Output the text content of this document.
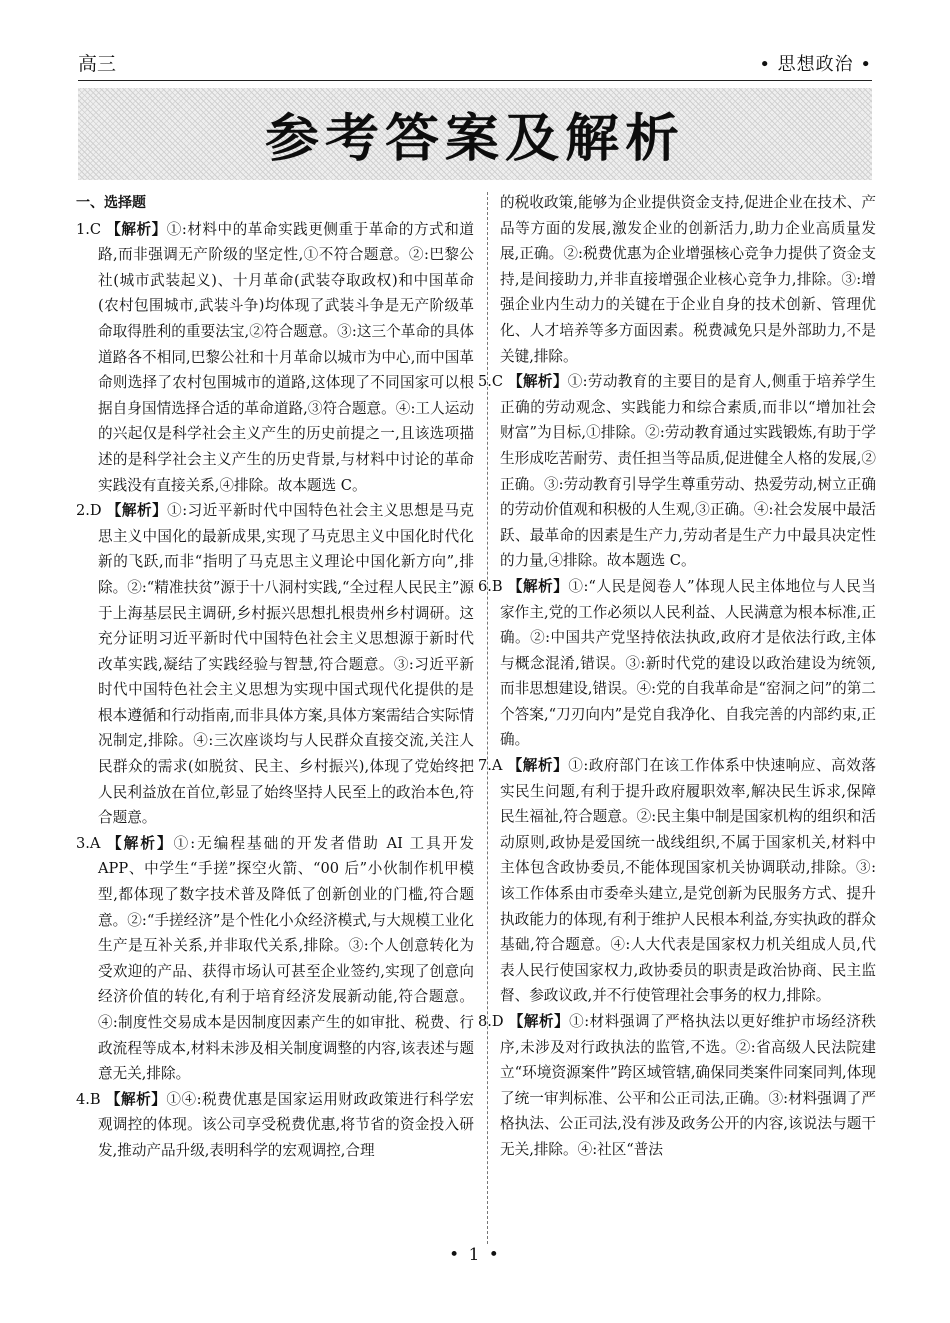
高三	• 思想政治 •
参考答案及解析
一、选择题

1.C 【解析】①:材料中的革命实践更侧重于革命的方式和道路,而非强调无产阶级的坚定性,①不符合题意。②:巴黎公社(城市武装起义)、十月革命(武装夺取政权)和中国革命(农村包围城市,武装斗争)均体现了武装斗争是无产阶级革命取得胜利的重要法宝,②符合题意。③:这三个革命的具体道路各不相同,巴黎公社和十月革命以城市为中心,而中国革命则选择了农村包围城市的道路,这体现了不同国家可以根据自身国情选择合适的革命道路,③符合题意。④:工人运动的兴起仅是科学社会主义产生的历史前提之一,且该选项描述的是科学社会主义产生的历史背景,与材料中讨论的革命实践没有直接关系,④排除。故本题选 C。

2.D 【解析】①:习近平新时代中国特色社会主义思想是马克思主义中国化的最新成果,实现了马克思主义中国化时代化新的飞跃,而非“指明了马克思主义理论中国化新方向”,排除。②:“精准扶贫”源于十八洞村实践,“全过程人民民主”源于上海基层民主调研,乡村振兴思想扎根贵州乡村调研。这充分证明习近平新时代中国特色社会主义思想源于新时代改革实践,凝结了实践经验与智慧,符合题意。③:习近平新时代中国特色社会主义思想为实现中国式现代化提供的是根本遵循和行动指南,而非具体方案,具体方案需结合实际情况制定,排除。④:三次座谈均与人民群众直接交流,关注人民群众的需求(如脱贫、民主、乡村振兴),体现了党始终把人民利益放在首位,彰显了始终坚持人民至上的政治本色,符合题意。

3.A 【解析】①:无编程基础的开发者借助 AI 工具开发 APP、中学生“手搓”探空火箭、“00 后”小伙制作机甲模型,都体现了数字技术普及降低了创新创业的门槛,符合题意。②:“手搓经济”是个性化小众经济模式,与大规模工业化生产是互补关系,并非取代关系,排除。③:个人创意转化为受欢迎的产品、获得市场认可甚至企业签约,实现了创意向经济价值的转化,有利于培育经济发展新动能,符合题意。④:制度性交易成本是因制度因素产生的如审批、税费、行政流程等成本,材料未涉及相关制度调整的内容,该表述与题意无关,排除。

4.B 【解析】①④:税费优惠是国家运用财政政策进行科学宏观调控的体现。该公司享受税费优惠,将节省的资金投入研发,推动产品升级,表明科学的宏观调控,合理

的税收政策,能够为企业提供资金支持,促进企业在技术、产品等方面的发展,激发企业的创新活力,助力企业高质量发展,正确。②:税费优惠为企业增强核心竞争力提供了资金支持,是间接助力,并非直接增强企业核心竞争力,排除。③:增强企业内生动力的关键在于企业自身的技术创新、管理优化、人才培养等多方面因素。税费减免只是外部助力,不是关键,排除。

5.C 【解析】①:劳动教育的主要目的是育人,侧重于培养学生正确的劳动观念、实践能力和综合素质,而非以“增加社会财富”为目标,①排除。②:劳动教育通过实践锻炼,有助于学生形成吃苦耐劳、责任担当等品质,促进健全人格的发展,②正确。③:劳动教育引导学生尊重劳动、热爱劳动,树立正确的劳动价值观和积极的人生观,③正确。④:社会发展中最活跃、最革命的因素是生产力,劳动者是生产力中最具决定性的力量,④排除。故本题选 C。

6.B 【解析】①:“人民是阅卷人”体现人民主体地位与人民当家作主,党的工作必须以人民利益、人民满意为根本标准,正确。②:中国共产党坚持依法执政,政府才是依法行政,主体与概念混淆,错误。③:新时代党的建设以政治建设为统领,而非思想建设,错误。④:党的自我革命是“窑洞之问”的第二个答案,“刀刃向内”是党自我净化、自我完善的内部约束,正确。

7.A 【解析】①:政府部门在该工作体系中快速响应、高效落实民生问题,有利于提升政府履职效率,解决民生诉求,保障民生福祉,符合题意。②:民主集中制是国家机构的组织和活动原则,政协是爱国统一战线组织,不属于国家机关,材料中主体包含政协委员,不能体现国家机关协调联动,排除。③:该工作体系由市委牵头建立,是党创新为民服务方式、提升执政能力的体现,有利于维护人民根本利益,夯实执政的群众基础,符合题意。④:人大代表是国家权力机关组成人员,代表人民行使国家权力,政协委员的职责是政治协商、民主监督、参政议政,并不行使管理社会事务的权力,排除。

8.D 【解析】①:材料强调了严格执法以更好维护市场经济秩序,未涉及对行政执法的监管,不选。②:省高级人民法院建立“环境资源案件”跨区域管辖,确保同类案件同案同判,体现了统一审判标准、公平和公正司法,正确。③:材料强调了严格执法、公正司法,没有涉及政务公开的内容,该说法与题干无关,排除。④:社区“普法

• 1 •
